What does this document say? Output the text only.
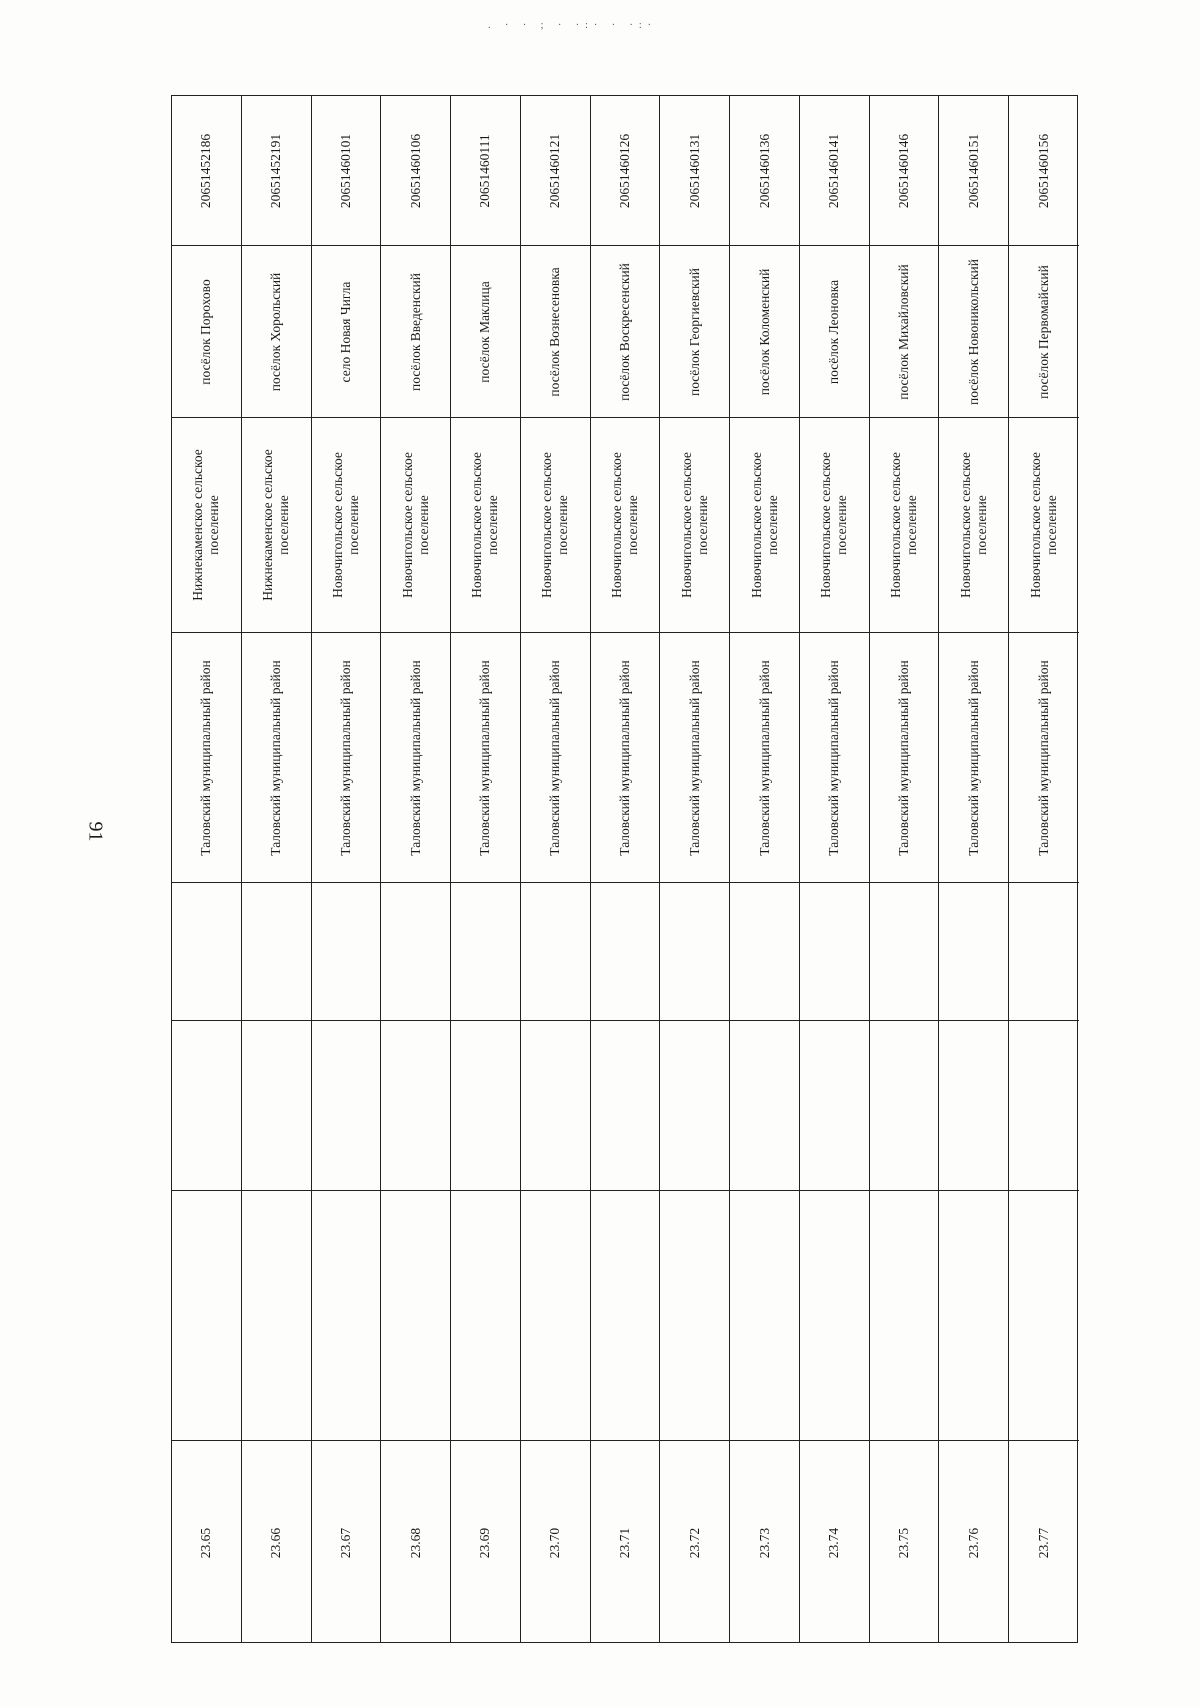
91
. · · ; · ·:· · ·:·
20651452186
посёлок Порохово
Нижнекаменское сельское поселение
Таловский муниципальный район
23.65
20651452191
посёлок Хорольский
Нижнекаменское сельское поселение
Таловский муниципальный район
23.66
20651460101
село Новая Чигла
Новочигольское сельское поселение
Таловский муниципальный район
23.67
20651460106
посёлок Введенский
Новочигольское сельское поселение
Таловский муниципальный район
23.68
20651460111
посёлок Маклица
Новочигольское сельское поселение
Таловский муниципальный район
23.69
20651460121
посёлок Вознесеновка
Новочигольское сельское поселение
Таловский муниципальный район
23.70
20651460126
посёлок Воскресенский
Новочигольское сельское поселение
Таловский муниципальный район
23.71
20651460131
посёлок Георгиевский
Новочигольское сельское поселение
Таловский муниципальный район
23.72
20651460136
посёлок Коломенский
Новочигольское сельское поселение
Таловский муниципальный район
23.73
20651460141
посёлок Леоновка
Новочигольское сельское поселение
Таловский муниципальный район
23.74
20651460146
посёлок Михайловский
Новочигольское сельское поселение
Таловский муниципальный район
23.75
20651460151
посёлок Новоникольский
Новочигольское сельское поселение
Таловский муниципальный район
23.76
20651460156
посёлок Первомайский
Новочигольское сельское поселение
Таловский муниципальный район
23.77
